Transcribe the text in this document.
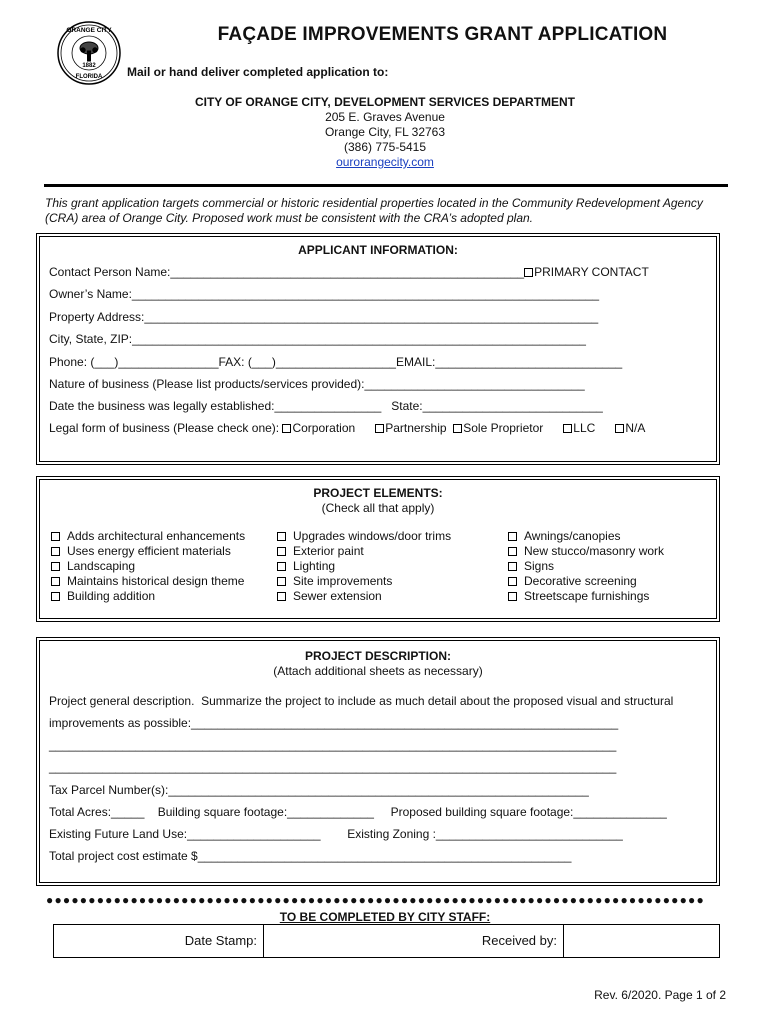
ORANGE CITY
1882
FLORIDA
FAÇADE IMPROVEMENTS GRANT APPLICATION
Mail or hand deliver completed application to:
CITY OF ORANGE CITY, DEVELOPMENT SERVICES DEPARTMENT
205 E. Graves Avenue
Orange City, FL 32763
(386) 775-5415
ourorangecity.com
This grant application targets commercial or historic residential properties located in the Community Redevelopment Agency (CRA) area of Orange City. Proposed work must be consistent with the CRA’s adopted plan.
APPLICANT INFORMATION:
Contact Person Name:_____________________________________________________ PRIMARY CONTACT
Owner’s Name:______________________________________________________________________
Property Address:____________________________________________________________________
City, State, ZIP:____________________________________________________________________
Phone: (___)_______________FAX: (___)__________________EMAIL:____________________________
Nature of business (Please list products/services provided):_________________________________
Date the business was legally established:________________   State:___________________________
Legal form of business (Please check one): Corporation	Partnership Sole Proprietor	LLC	N/A
PROJECT ELEMENTS:
(Check all that apply)
Adds architectural enhancements
Uses energy efficient materials
Landscaping
Maintains historical design theme
Building addition
Upgrades windows/door trims
Exterior paint
Lighting
Site improvements
Sewer extension
Awnings/canopies
New stucco/masonry work
Signs
Decorative screening
Streetscape furnishings
PROJECT DESCRIPTION:
(Attach additional sheets as necessary)
Project general description.  Summarize the project to include as much detail about the proposed visual and structural
improvements as possible:________________________________________________________________
_____________________________________________________________________________________
_____________________________________________________________________________________
Tax Parcel Number(s):_______________________________________________________________
Total Acres:_____    Building square footage:_____________     Proposed building square footage:______________
Existing Future Land Use:____________________        Existing Zoning :____________________________
Total project cost estimate $________________________________________________________
●●●●●●●●●●●●●●●●●●●●●●●●●●●●●●●●●●●●●●●●●●●●●●●●●●●●●●●●●●●●●●●●●●●●●●●●●●●●●●
TO BE COMPLETED BY CITY STAFF:
Date Stamp:	Received by:
Rev. 6/2020. Page 1 of 2
